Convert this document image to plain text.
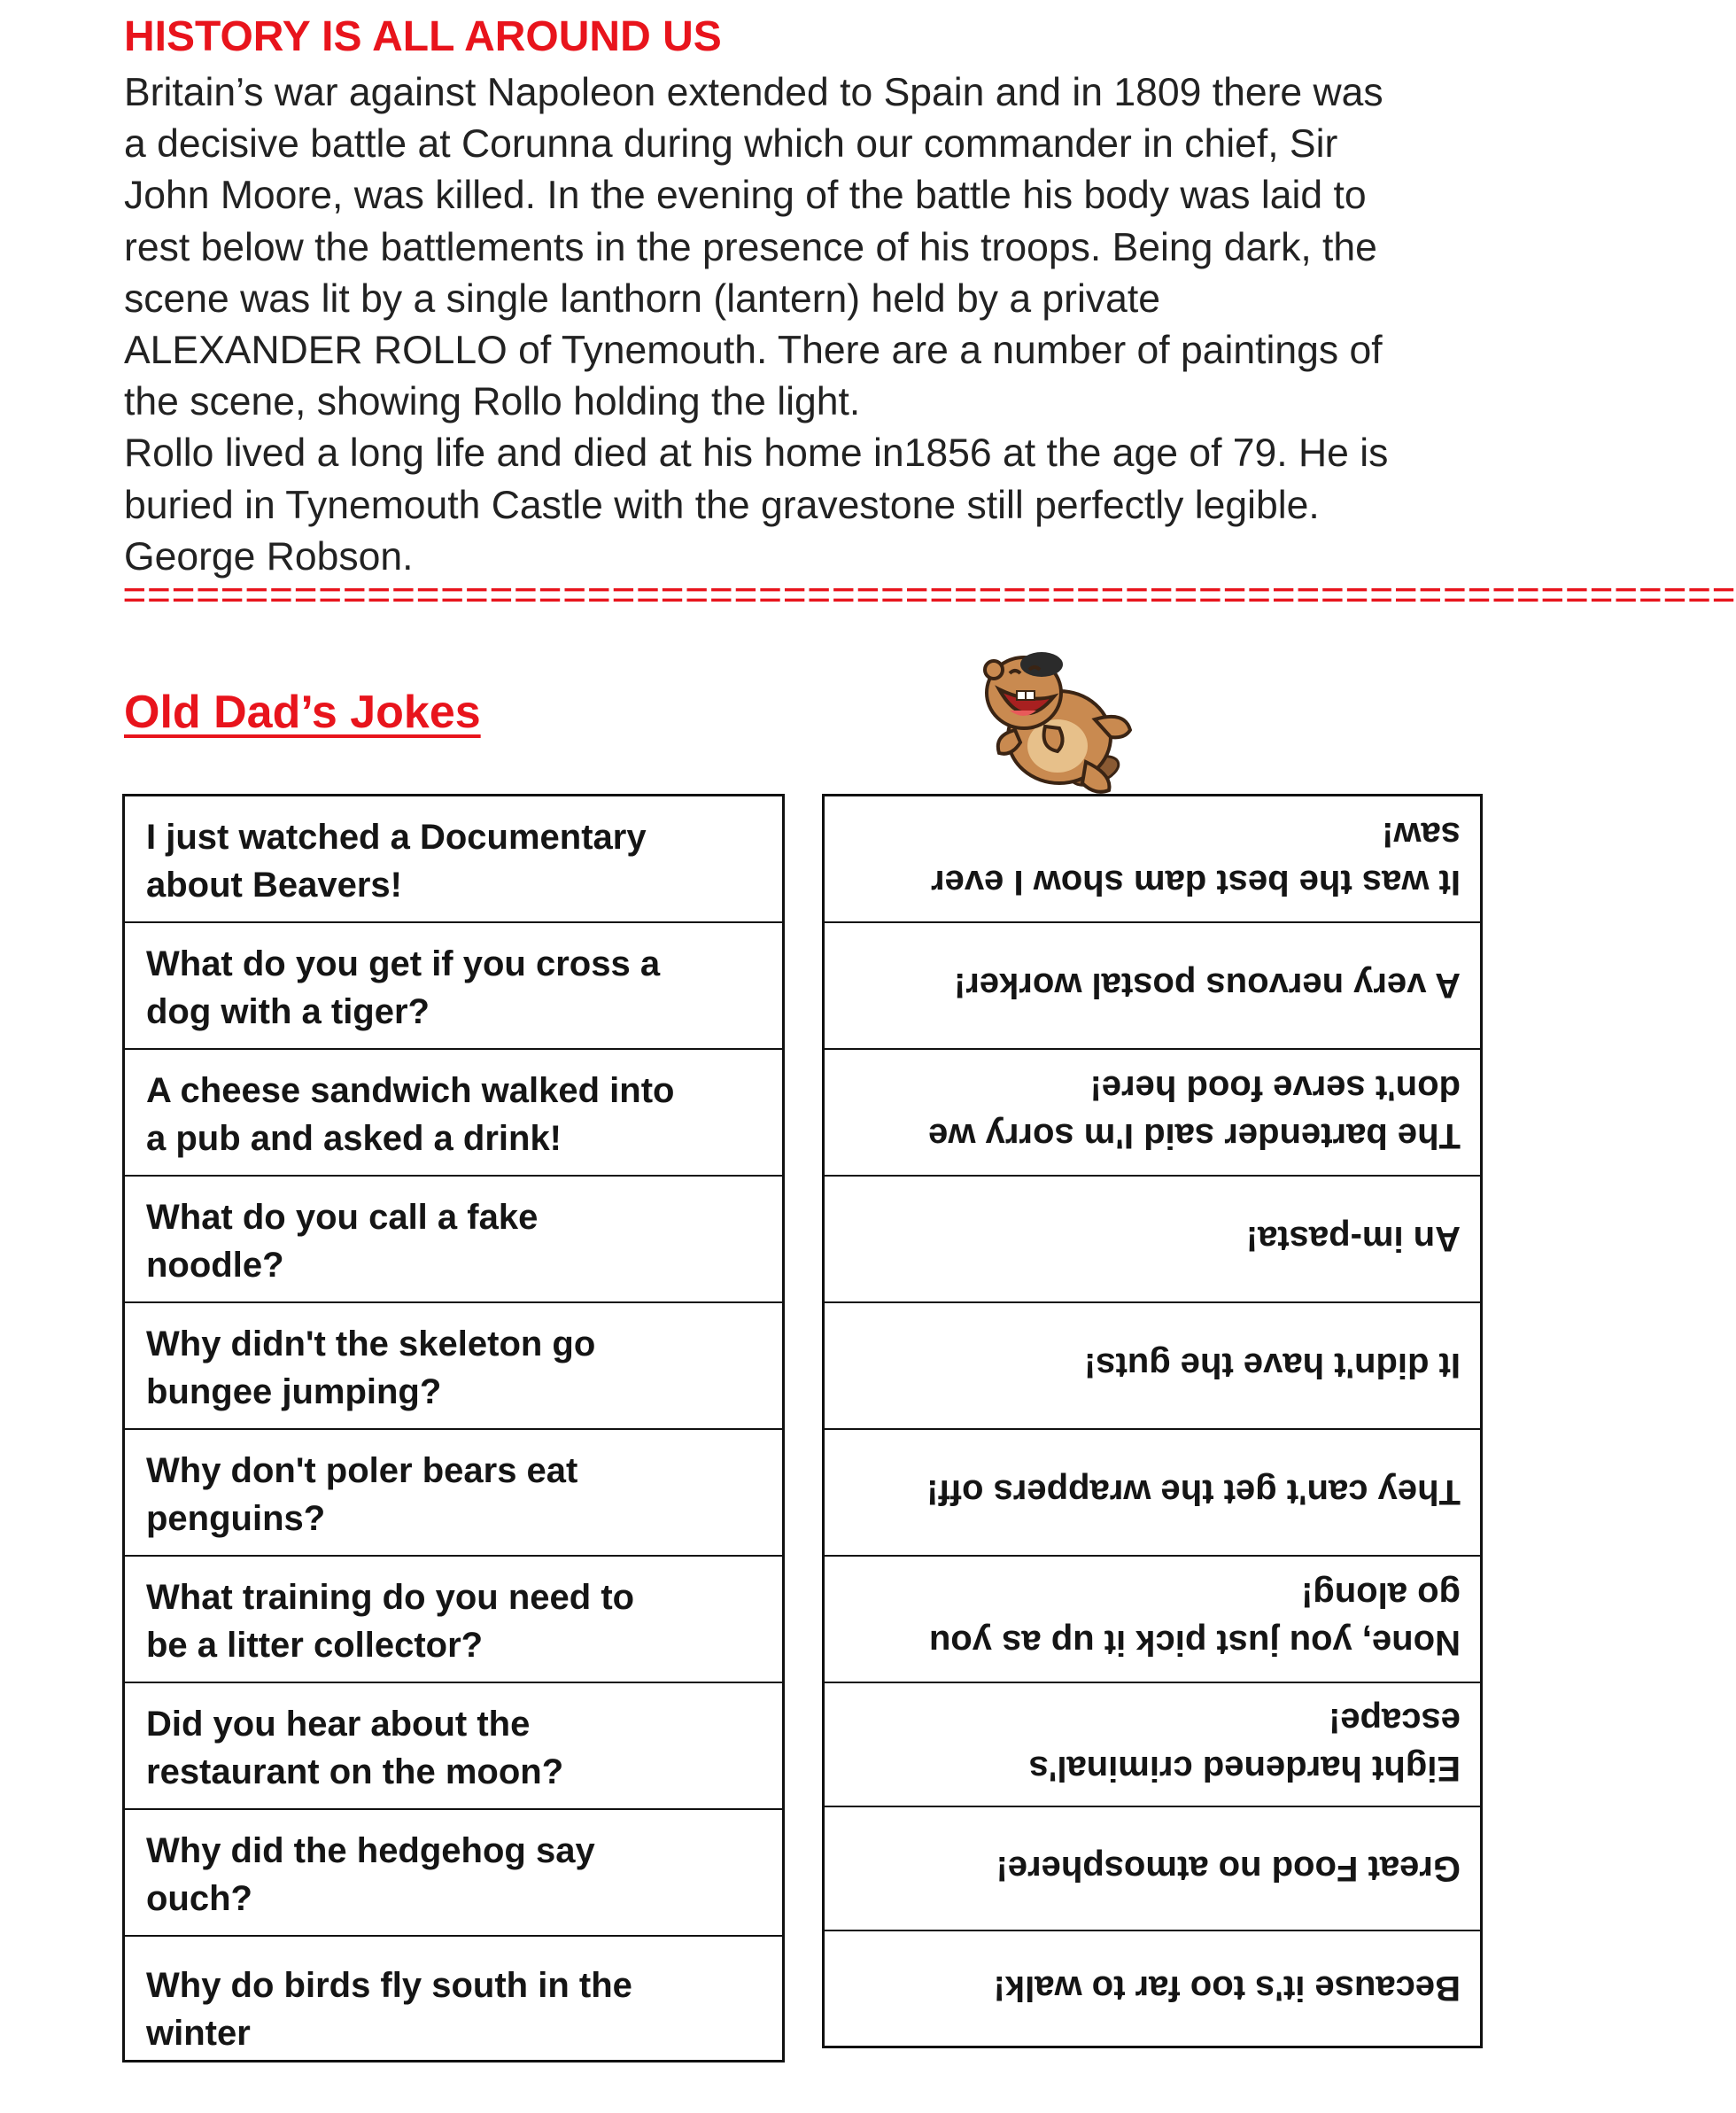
HISTORY IS ALL AROUND US

Britain’s war against Napoleon extended to Spain and in 1809 there was

a decisive battle at Corunna during which our commander in chief, Sir

John Moore, was killed. In the evening of the battle his body was laid to

rest below the battlements in the presence of his troops. Being dark, the

scene was lit by a single lanthorn (lantern) held by a private

ALEXANDER ROLLO of Tynemouth. There are a number of paintings of

the scene, showing Rollo holding the light.

Rollo lived a long life and died at his home in1856 at the age of 79. He is

buried in Tynemouth Castle with the gravestone still perfectly legible.

George Robson.

==================================================================
Old Dad’s Jokes
I just watched a Documentary
about Beavers!
What do you get if you cross a
dog with a tiger?
A cheese sandwich walked into
a pub and asked a drink!
What do you call a fake
noodle?
Why didn't the skeleton go
bungee jumping?
Why don't poler bears eat
penguins?
What training do you need to
be a litter collector?
Did you hear about the
restaurant on the moon?
Why did the hedgehog say
ouch?
Why do birds fly south in the
winter
It was the best dam show I ever
saw!
A very nervous postal worker!
The bartender said I'm sorry we
don't serve food here!
An im-pasta!
It didn't have the guts!
They can't get the wrappers off!
None, you just pick it up as you
go along!
Eight hardened criminal's
escape!
Great Food no atmosphere!
Because it's too far to walk!
